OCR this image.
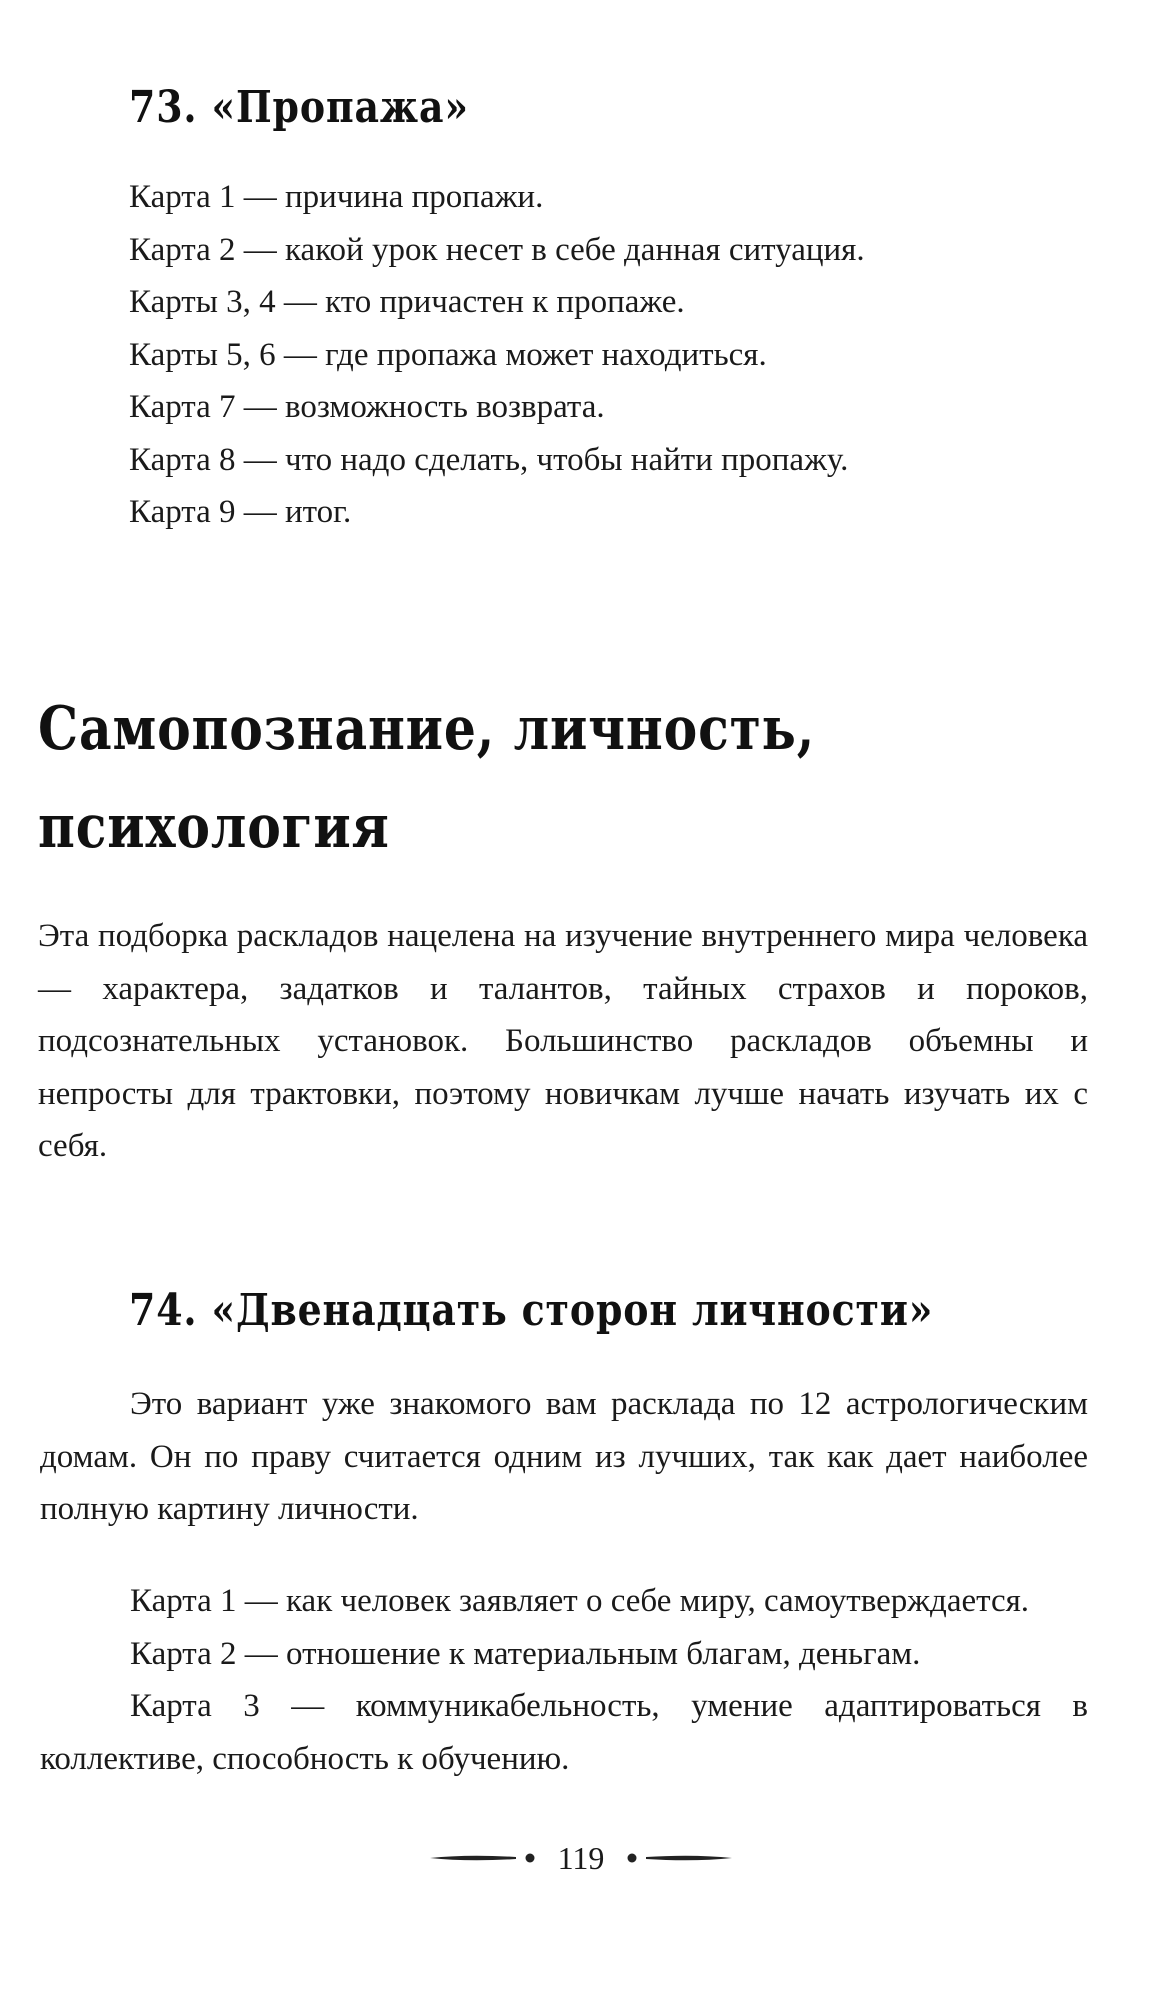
73. «Пропажа»
Карта 1 — причина пропажи.
Карта 2 — какой урок несет в себе данная ситуация.
Карты 3, 4 — кто причастен к пропаже.
Карты 5, 6 — где пропажа может находиться.
Карта 7 — возможность возврата.
Карта 8 — что надо сделать, чтобы найти пропажу.
Карта 9 — итог.
Самопознание, личность,
психология
Эта подборка раскладов нацелена на изучение внутреннего мира человека — характера, задатков и талантов, тайных страхов и пороков, подсознательных установок. Большинство раскладов объемны и непросты для трактовки, поэтому новичкам лучше начать изучать их с себя.
74. «Двенадцать сторон личности»
Это вариант уже знакомого вам расклада по 12 астрологическим домам. Он по праву считается одним из лучших, так как дает наиболее полную картину личности.
Карта 1 — как человек заявляет о себе миру, самоутверждается.
Карта 2 — отношение к материальным благам, деньгам.
Карта 3 — коммуникабельность, умение адаптироваться в коллективе, способность к обучению.
119
